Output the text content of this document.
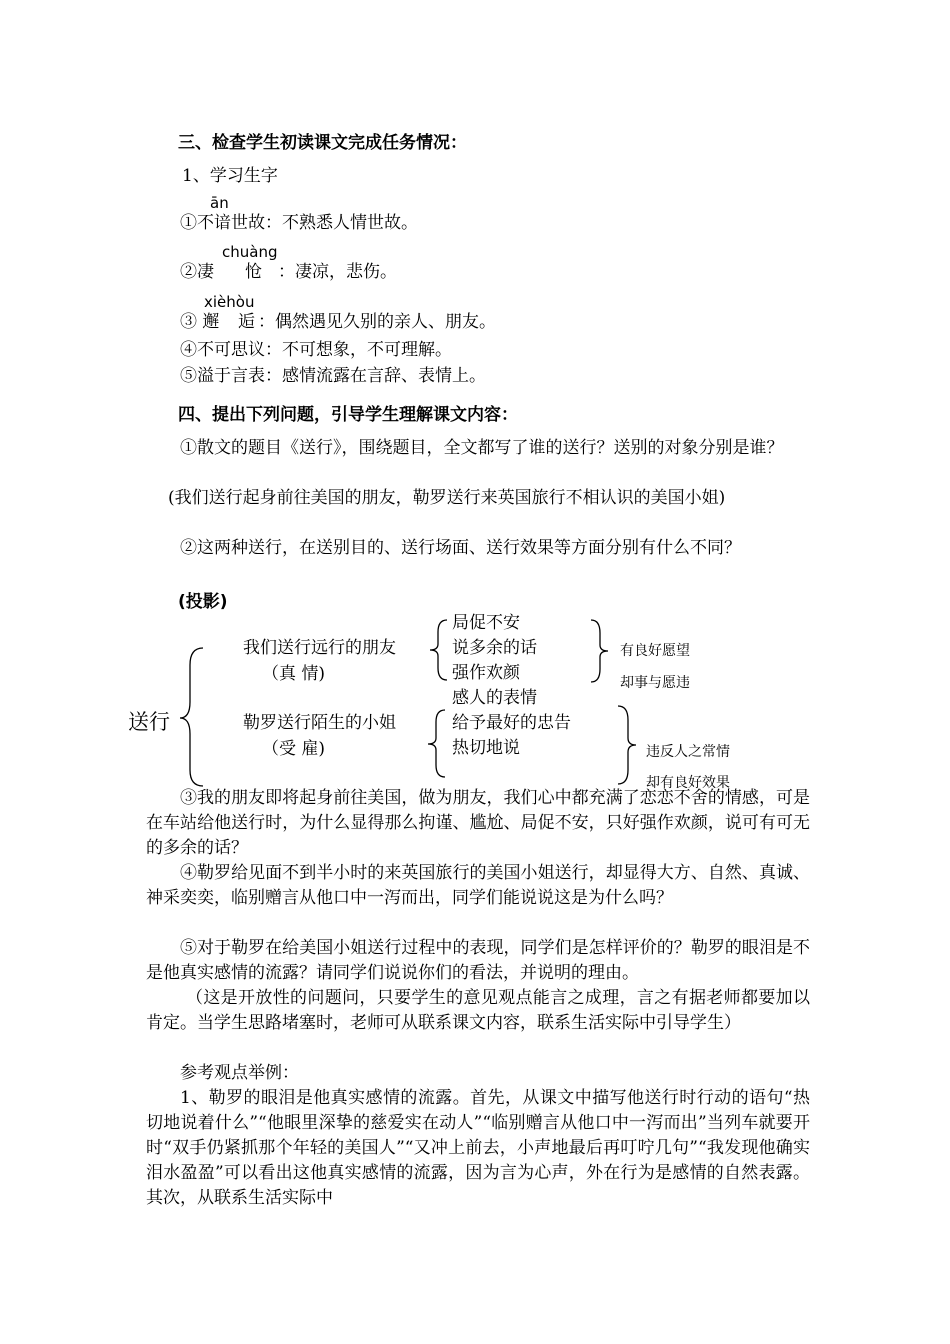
三、检查学生初读课文完成任务情况：
1、学习生字
ān
①不谙世故：不熟悉人情世故。
chuàng
②凄 怆 ：凄凉，悲伤。
xièhòu
③ 邂 逅 ：偶然遇见久别的亲人、朋友。
④不可思议：不可想象，不可理解。
⑤溢于言表：感情流露在言辞、表情上。
四、提出下列问题，引导学生理解课文内容：
①散文的题目《送行》，围绕题目，全文都写了谁的送行？送别的对象分别是谁？
(我们送行起身前往美国的朋友，勒罗送行来英国旅行不相认识的美国小姐)
②这两种送行，在送别目的、送行场面、送行效果等方面分别有什么不同？
(投影)
送行
我们送行远行的朋友
（真 情)
局促不安
说多余的话
强作欢颜
有良好愿望
却事与愿违
勒罗送行陌生的小姐
（受 雇)
感人的表情
给予最好的忠告
热切地说	违反人之常情
却有良好效果
③我的朋友即将起身前往美国，做为朋友，我们心中都充满了恋恋不舍的情感，可是在车站给他送行时，为什么显得那么拘谨、尴尬、局促不安，只好强作欢颜，说可有可无的多余的话？
④勒罗给见面不到半小时的来英国旅行的美国小姐送行，却显得大方、自然、真诚、神采奕奕，临别赠言从他口中一泻而出，同学们能说说这是为什么吗？
⑤对于勒罗在给美国小姐送行过程中的表现，同学们是怎样评价的？勒罗的眼泪是不是他真实感情的流露？请同学们说说你们的看法，并说明的理由。
（这是开放性的问题问，只要学生的意见观点能言之成理，言之有据老师都要加以肯定。当学生思路堵塞时，老师可从联系课文内容，联系生活实际中引导学生）
参考观点举例：
1、勒罗的眼泪是他真实感情的流露。首先，从课文中描写他送行时行动的语句“热切地说着什么”“他眼里深挚的慈爱实在动人”“临别赠言从他口中一泻而出”当列车就要开时“双手仍紧抓那个年轻的美国人”“又冲上前去，小声地最后再叮咛几句”“我发现他确实泪水盈盈”可以看出这他真实感情的流露，因为言为心声，外在行为是感情的自然表露。其次，从联系生活实际中
